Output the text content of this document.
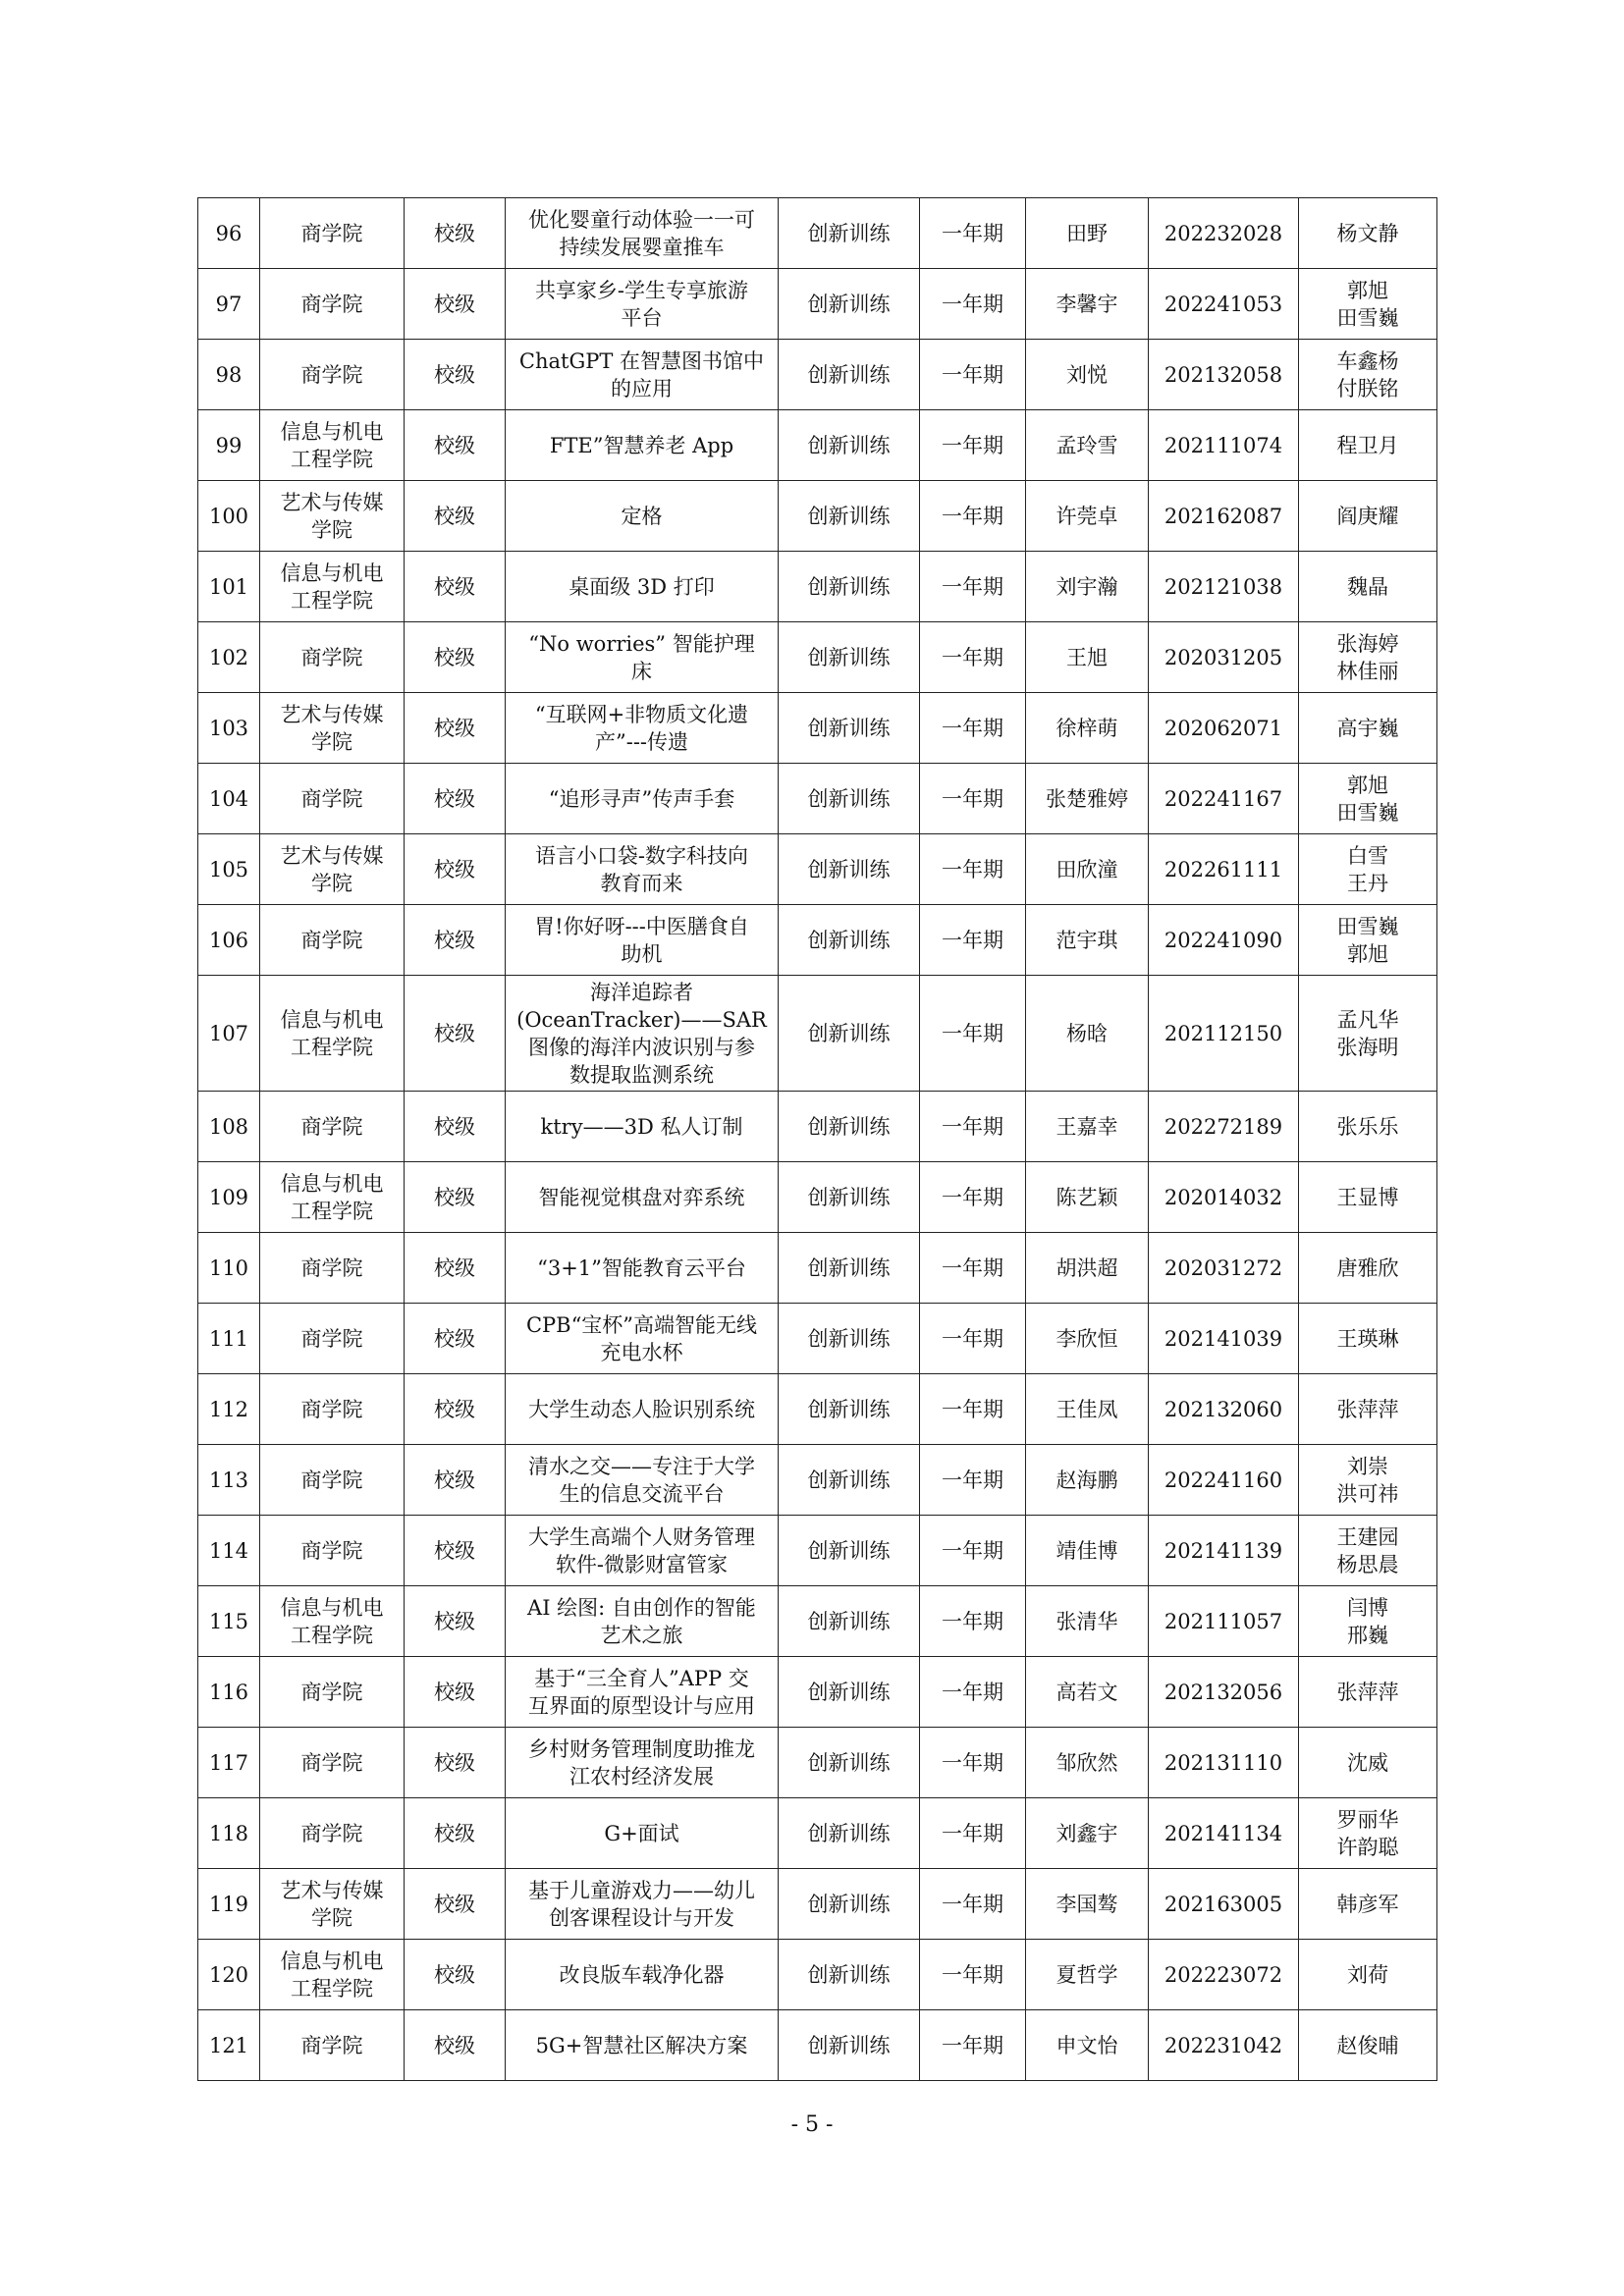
96	商学院	校级	优化婴童行动体验一一可
持续发展婴童推车	创新训练	一年期	田野	202232028	杨文静
97	商学院	校级	共享家乡-学生专享旅游
平台	创新训练	一年期	李馨宇	202241053	郭旭
田雪巍
98	商学院	校级	ChatGPT 在智慧图书馆中
的应用	创新训练	一年期	刘悦	202132058	车鑫杨
付朕铭
99	信息与机电
工程学院	校级	FTE”智慧养老 App	创新训练	一年期	孟玲雪	202111074	程卫月
100	艺术与传媒
学院	校级	定格	创新训练	一年期	许莞卓	202162087	阎庚耀
101	信息与机电
工程学院	校级	桌面级 3D 打印	创新训练	一年期	刘宇瀚	202121038	魏晶
102	商学院	校级	“No worries” 智能护理
床	创新训练	一年期	王旭	202031205	张海婷
林佳丽
103	艺术与传媒
学院	校级	“互联网+非物质文化遗
产”---传遗	创新训练	一年期	徐梓萌	202062071	高宇巍
104	商学院	校级	“追形寻声”传声手套	创新训练	一年期	张楚雅婷	202241167	郭旭
田雪巍
105	艺术与传媒
学院	校级	语言小口袋-数字科技向
教育而来	创新训练	一年期	田欣潼	202261111	白雪
王丹
106	商学院	校级	胃!你好呀---中医膳食自
助机	创新训练	一年期	范宇琪	202241090	田雪巍
郭旭
107	信息与机电
工程学院	校级	海洋追踪者
(OceanTracker)——SAR
图像的海洋内波识别与参
数提取监测系统	创新训练	一年期	杨晗	202112150	孟凡华
张海明
108	商学院	校级	ktry——3D 私人订制	创新训练	一年期	王嘉幸	202272189	张乐乐
109	信息与机电
工程学院	校级	智能视觉棋盘对弈系统	创新训练	一年期	陈艺颖	202014032	王显博
110	商学院	校级	“3+1”智能教育云平台	创新训练	一年期	胡洪超	202031272	唐雅欣
111	商学院	校级	CPB“宝杯”高端智能无线
充电水杯	创新训练	一年期	李欣恒	202141039	王瑛琳
112	商学院	校级	大学生动态人脸识别系统	创新训练	一年期	王佳凤	202132060	张萍萍
113	商学院	校级	清水之交——专注于大学
生的信息交流平台	创新训练	一年期	赵海鹏	202241160	刘崇
洪可祎
114	商学院	校级	大学生高端个人财务管理
软件-微影财富管家	创新训练	一年期	靖佳博	202141139	王建园
杨思晨
115	信息与机电
工程学院	校级	AI 绘图: 自由创作的智能
艺术之旅	创新训练	一年期	张清华	202111057	闫博
邢巍
116	商学院	校级	基于“三全育人”APP 交
互界面的原型设计与应用	创新训练	一年期	高若文	202132056	张萍萍
117	商学院	校级	乡村财务管理制度助推龙
江农村经济发展	创新训练	一年期	邹欣然	202131110	沈威
118	商学院	校级	G+面试	创新训练	一年期	刘鑫宇	202141134	罗丽华
许韵聪
119	艺术与传媒
学院	校级	基于儿童游戏力——幼儿
创客课程设计与开发	创新训练	一年期	李国骜	202163005	韩彦军
120	信息与机电
工程学院	校级	改良版车载净化器	创新训练	一年期	夏哲学	202223072	刘荷
121	商学院	校级	5G+智慧社区解决方案	创新训练	一年期	申文怡	202231042	赵俊晡
- 5 -
